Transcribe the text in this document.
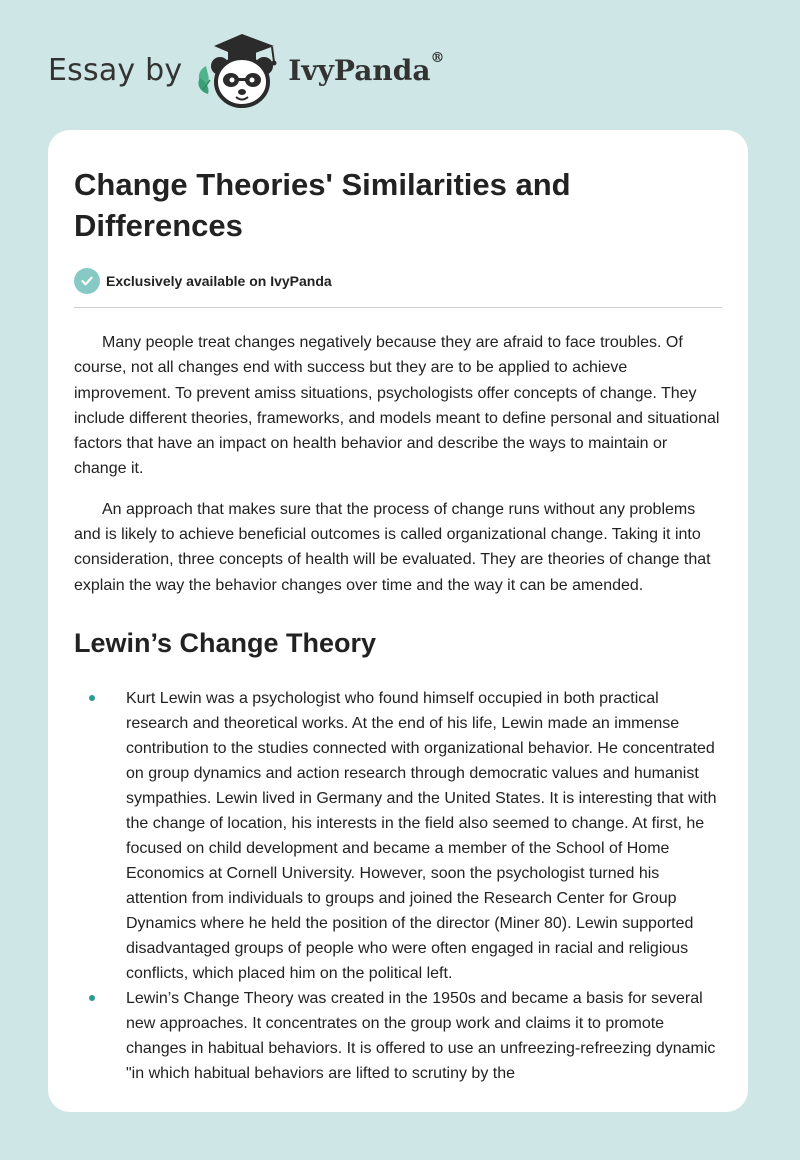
Essay by	IvyPanda®
Change Theories' Similarities and Differences
Exclusively available on IvyPanda

Many people treat changes negatively because they are afraid to face troubles. Of course, not all changes end with success but they are to be applied to achieve improvement. To prevent amiss situations, psychologists offer concepts of change. They include different theories, frameworks, and models meant to define personal and situational factors that have an impact on health behavior and describe the ways to maintain or change it.

An approach that makes sure that the process of change runs without any problems and is likely to achieve beneficial outcomes is called organizational change. Taking it into consideration, three concepts of health will be evaluated. They are theories of change that explain the way the behavior changes over time and the way it can be amended.

Lewin’s Change Theory
Kurt Lewin was a psychologist who found himself occupied in both practical research and theoretical works. At the end of his life, Lewin made an immense contribution to the studies connected with organizational behavior. He concentrated on group dynamics and action research through democratic values and humanist sympathies. Lewin lived in Germany and the United States. It is interesting that with the change of location, his interests in the field also seemed to change. At first, he focused on child development and became a member of the School of Home Economics at Cornell University. However, soon the psychologist turned his attention from individuals to groups and joined the Research Center for Group Dynamics where he held the position of the director (Miner 80). Lewin supported disadvantaged groups of people who were often engaged in racial and religious conflicts, which placed him on the political left.
Lewin’s Change Theory was created in the 1950s and became a basis for several new approaches. It concentrates on the group work and claims it to promote changes in habitual behaviors. It is offered to use an unfreezing-refreezing dynamic "in which habitual behaviors are lifted to scrutiny by the
